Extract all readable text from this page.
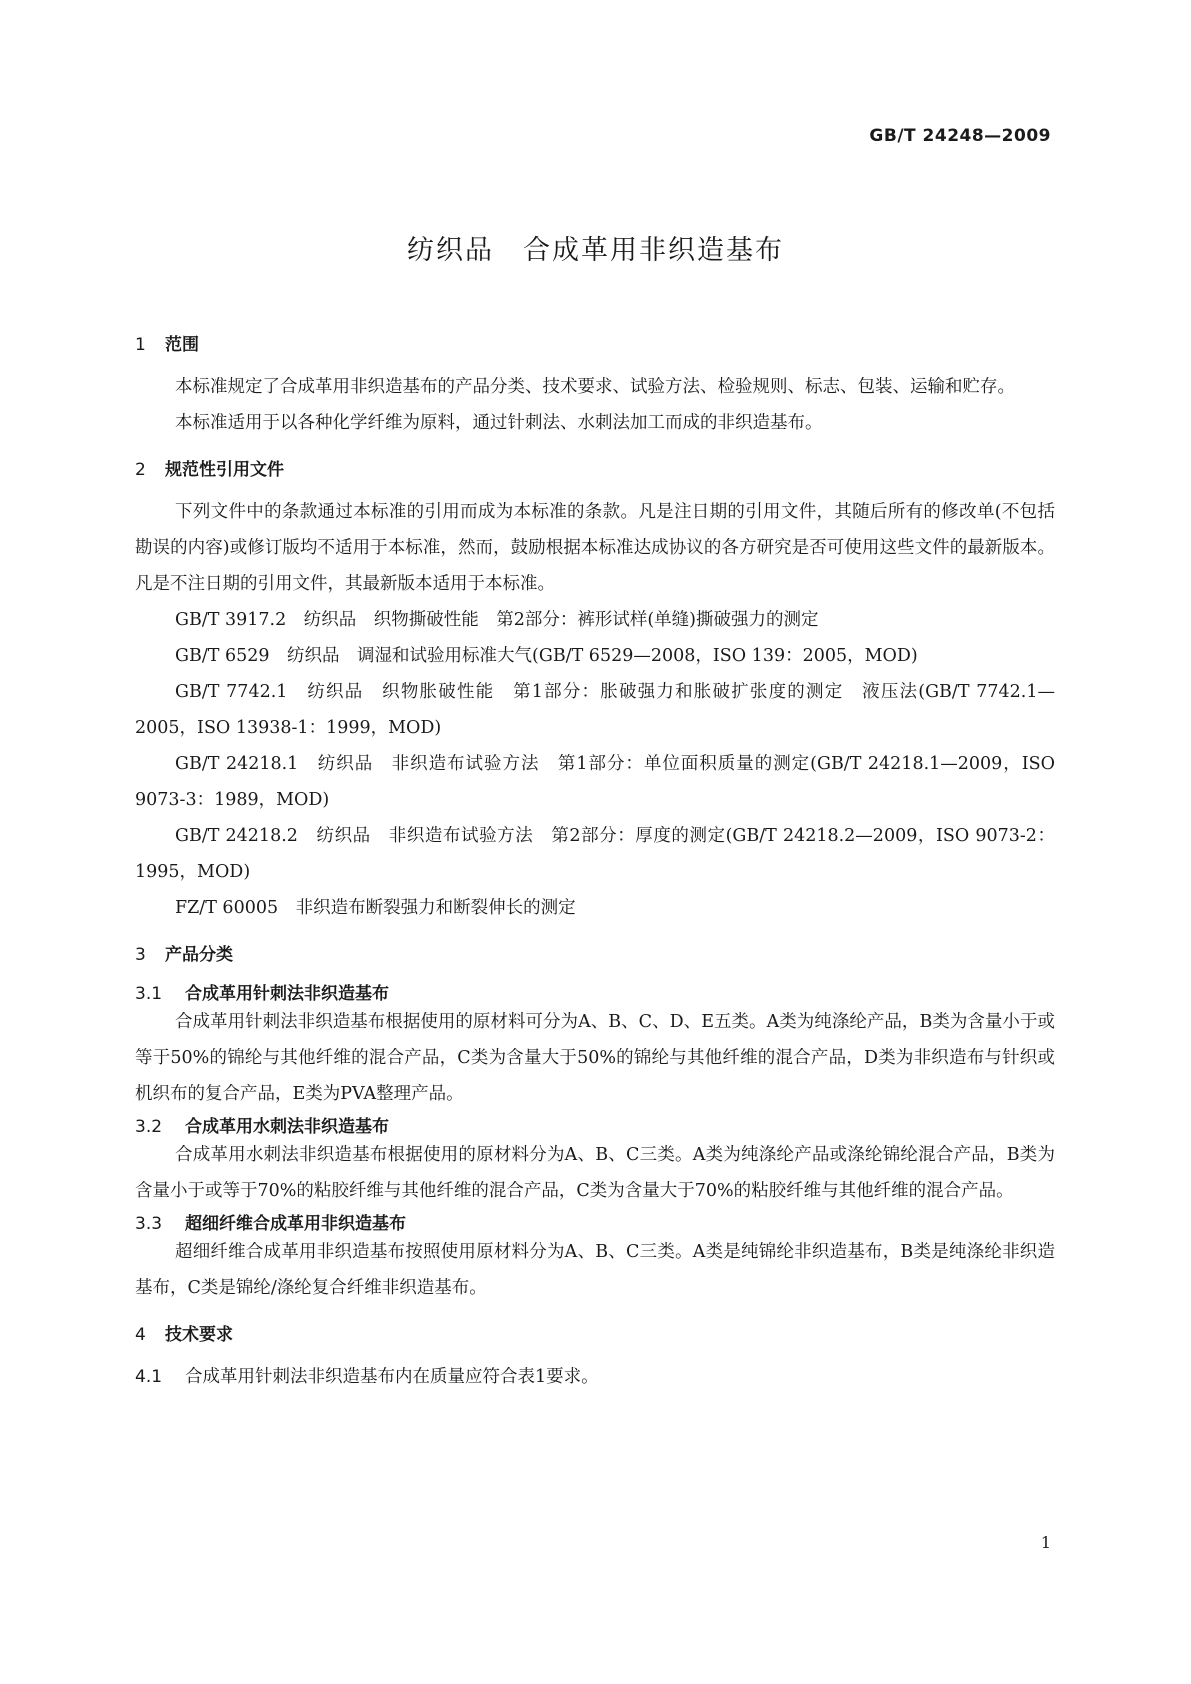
GB/T 24248—2009
纺织品　合成革用非织造基布
1 范围

本标准规定了合成革用非织造基布的产品分类、技术要求、试验方法、检验规则、标志、包装、运输和贮存。

本标准适用于以各种化学纤维为原料，通过针刺法、水刺法加工而成的非织造基布。

2 规范性引用文件

下列文件中的条款通过本标准的引用而成为本标准的条款。凡是注日期的引用文件，其随后所有的修改单(不包括勘误的内容)或修订版均不适用于本标准，然而，鼓励根据本标准达成协议的各方研究是否可使用这些文件的最新版本。凡是不注日期的引用文件，其最新版本适用于本标准。

GB/T 3917.2　纺织品　织物撕破性能　第2部分：裤形试样(单缝)撕破强力的测定

GB/T 6529　纺织品　调湿和试验用标准大气(GB/T 6529—2008，ISO 139：2005，MOD)

GB/T 7742.1　纺织品　织物胀破性能　第1部分：胀破强力和胀破扩张度的测定　液压法(GB/T 7742.1—2005，ISO 13938-1：1999，MOD)

GB/T 24218.1　纺织品　非织造布试验方法　第1部分：单位面积质量的测定(GB/T 24218.1—2009，ISO 9073-3：1989，MOD)

GB/T 24218.2　纺织品　非织造布试验方法　第2部分：厚度的测定(GB/T 24218.2—2009，ISO 9073-2：1995，MOD)

FZ/T 60005　非织造布断裂强力和断裂伸长的测定

3 产品分类
3.1 合成革用针刺法非织造基布

合成革用针刺法非织造基布根据使用的原材料可分为A、B、C、D、E五类。A类为纯涤纶产品，B类为含量小于或等于50%的锦纶与其他纤维的混合产品，C类为含量大于50%的锦纶与其他纤维的混合产品，D类为非织造布与针织或机织布的复合产品，E类为PVA整理产品。

3.2 合成革用水刺法非织造基布

合成革用水刺法非织造基布根据使用的原材料分为A、B、C三类。A类为纯涤纶产品或涤纶锦纶混合产品，B类为含量小于或等于70%的粘胶纤维与其他纤维的混合产品，C类为含量大于70%的粘胶纤维与其他纤维的混合产品。

3.3 超细纤维合成革用非织造基布

超细纤维合成革用非织造基布按照使用原材料分为A、B、C三类。A类是纯锦纶非织造基布，B类是纯涤纶非织造基布，C类是锦纶/涤纶复合纤维非织造基布。

4 技术要求
4.1 合成革用针刺法非织造基布内在质量应符合表1要求。
1
